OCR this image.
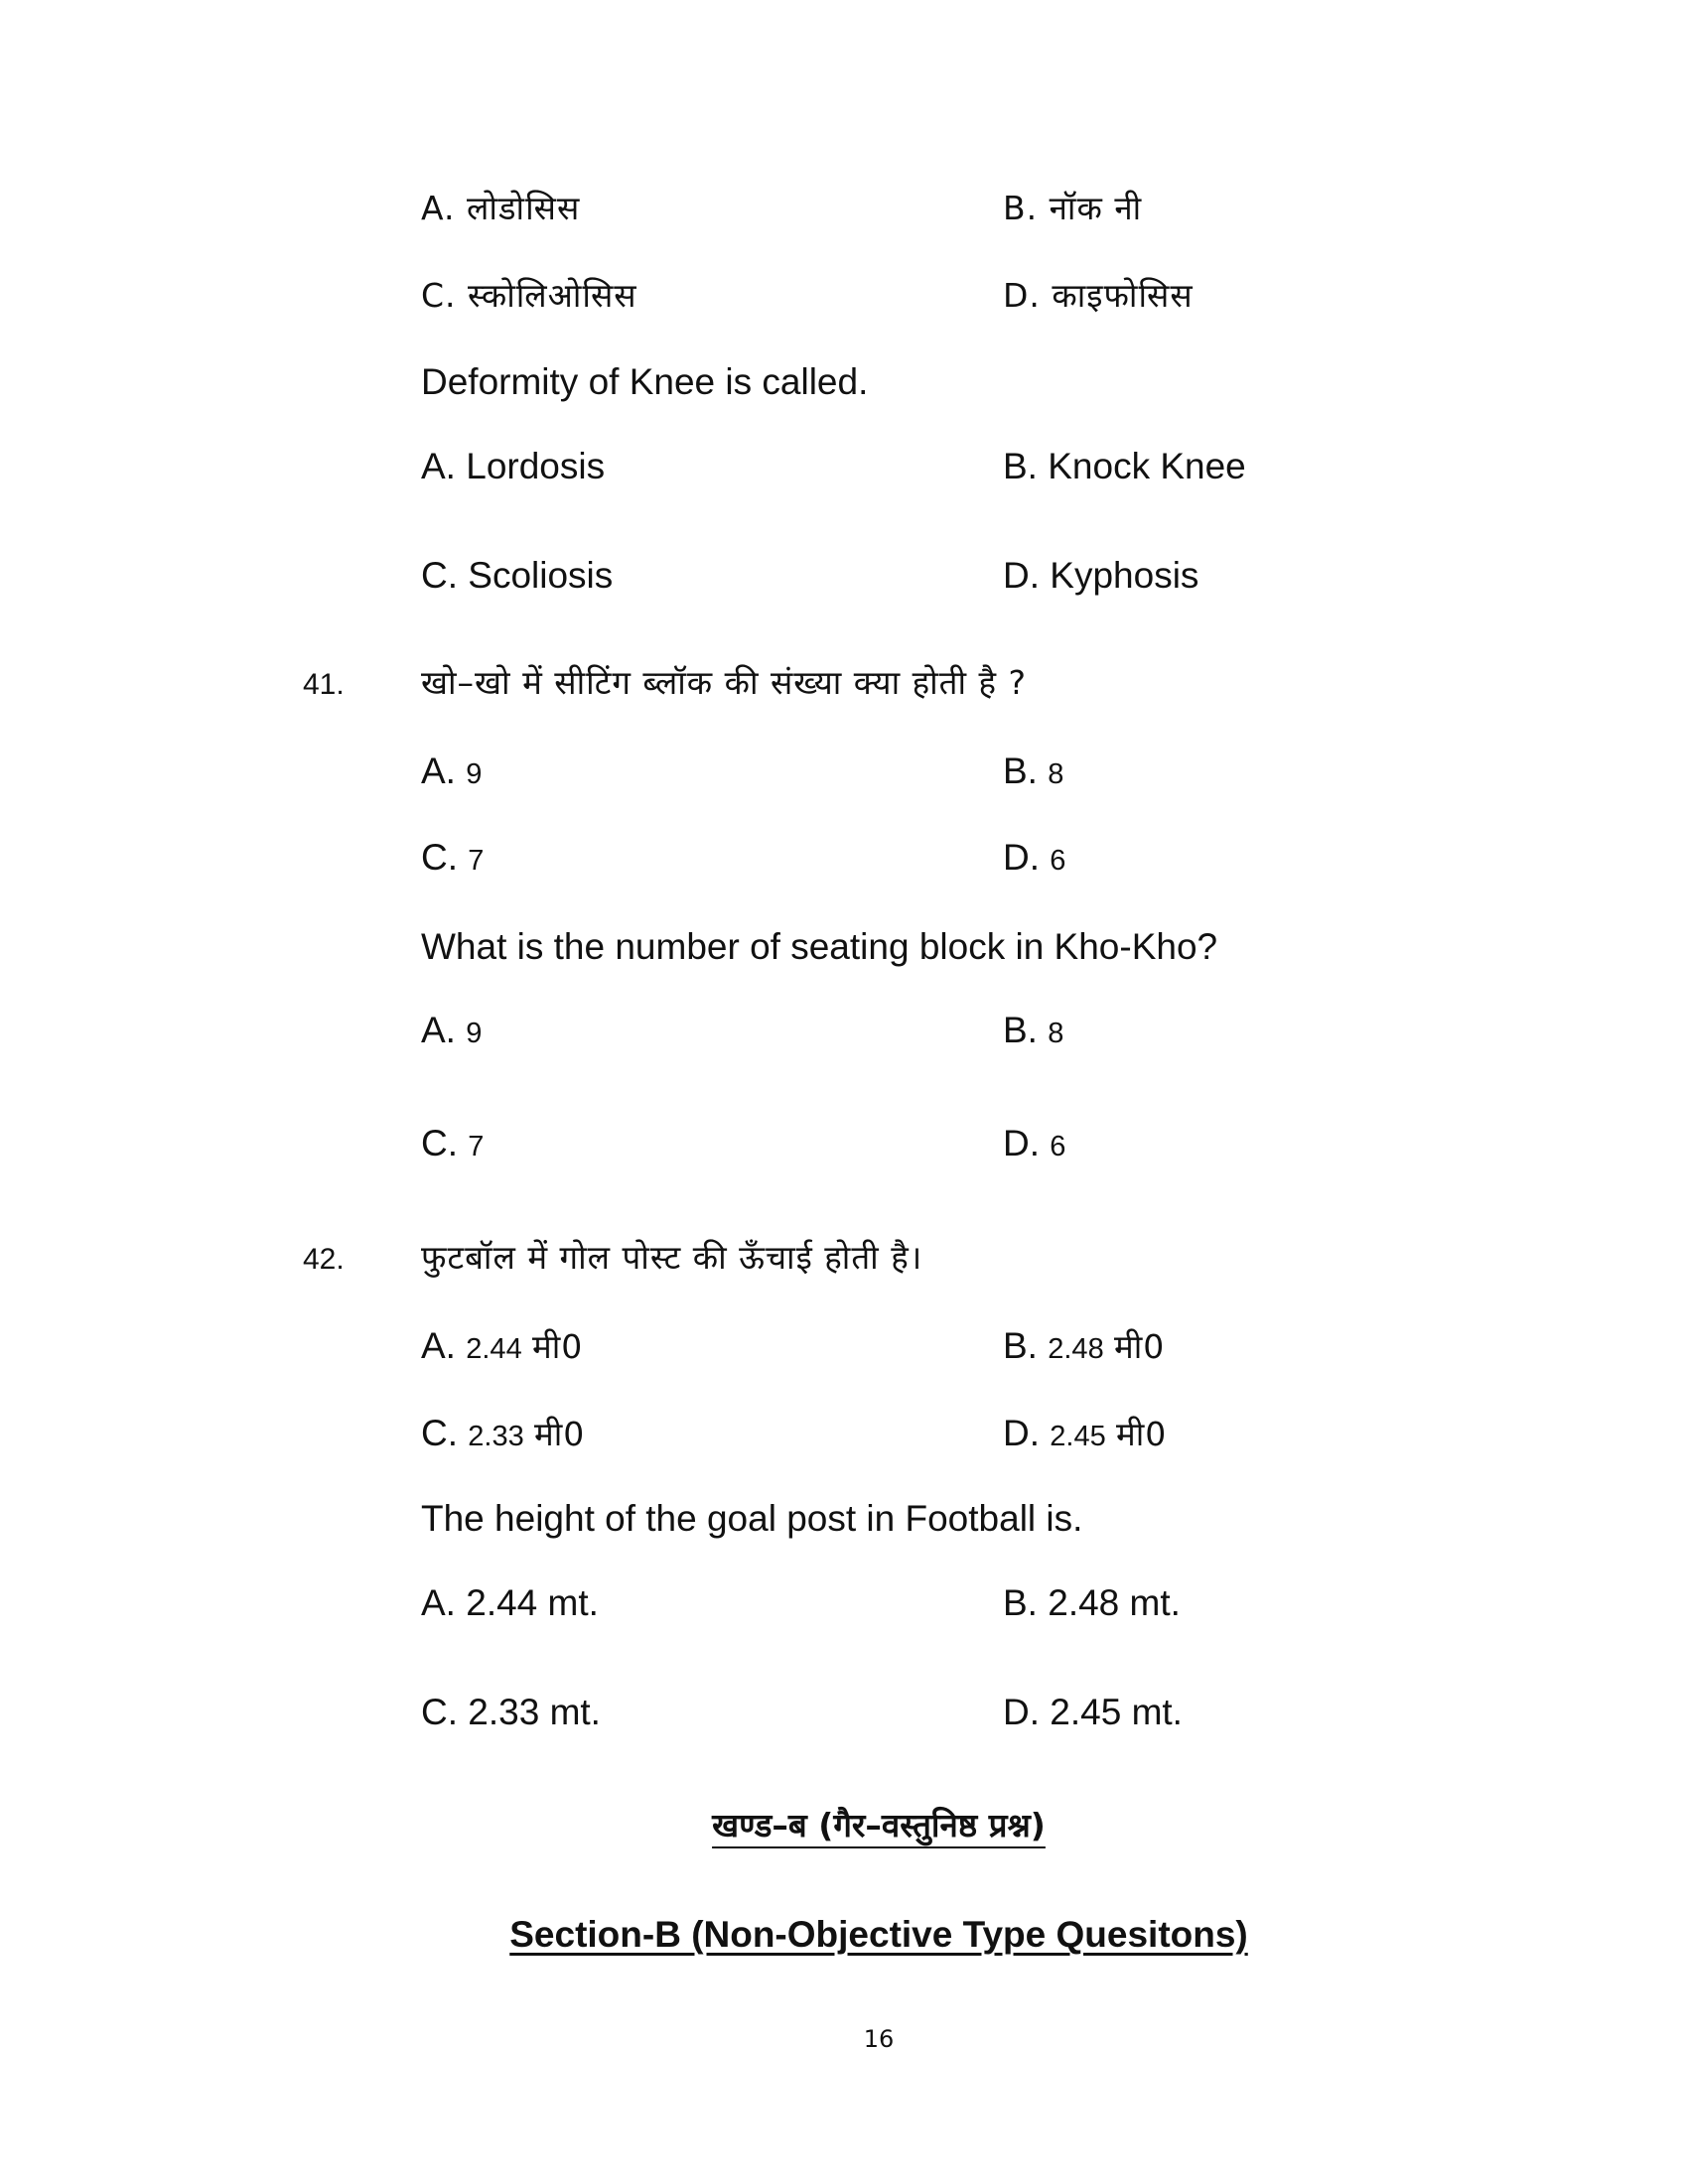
A. लोडोसिस	B. नॉक नी
C. स्कोलिओसिस	D. काइफोसिस
Deformity of Knee is called.
A. Lordosis	B. Knock Knee
C. Scoliosis	D. Kyphosis
41. खो–खो में सीटिंग ब्लॉक की संख्या क्या होती है ?
A. 9	B. 8
C. 7	D. 6
What is the number of seating block in Kho-Kho?
A. 9	B. 8
C. 7	D. 6
42. फुटबॉल में गोल पोस्ट की ऊँचाई होती है।
A. 2.44 मी0	B. 2.48 मी0
C. 2.33 मी0	D. 2.45 मी0
The height of the goal post in Football is.
A. 2.44 mt.	B. 2.48 mt.
C. 2.33 mt.	D. 2.45 mt.
खण्ड–ब (गैर–वस्तुनिष्ठ प्रश्न)
Section-B (Non-Objective Type Quesitons)
16
